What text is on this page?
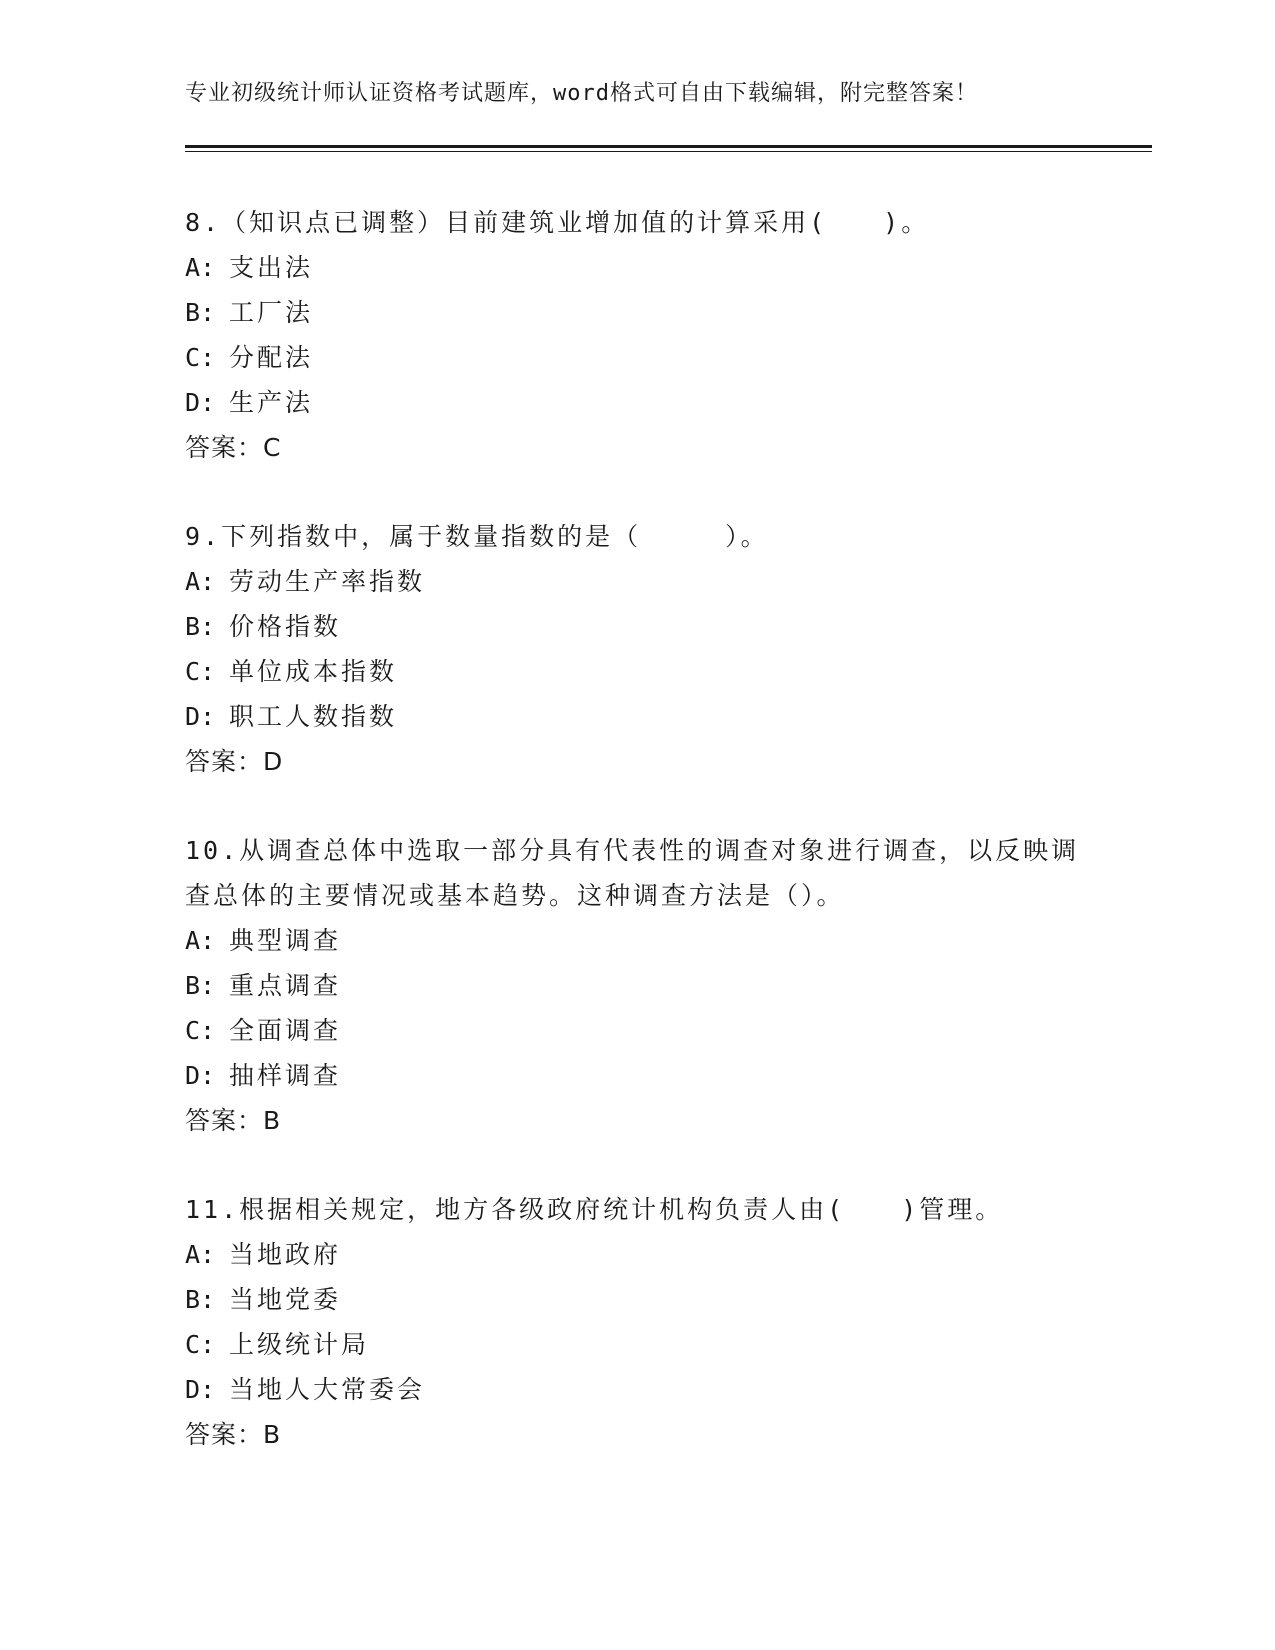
专业初级统计师认证资格考试题库，word格式可自由下载编辑，附完整答案！

8.（知识点已调整）目前建筑业增加值的计算采用(　　)。

A: 支出法

B: 工厂法

C: 分配法

D: 生产法

答案：C

9.下列指数中，属于数量指数的是（　　　）。

A: 劳动生产率指数

B: 价格指数

C: 单位成本指数

D: 职工人数指数

答案：D

10.从调查总体中选取一部分具有代表性的调查对象进行调查，以反映调查总体的主要情况或基本趋势。这种调查方法是（）。

A: 典型调查

B: 重点调查

C: 全面调查

D: 抽样调查

答案：B

11.根据相关规定，地方各级政府统计机构负责人由(　　)管理。

A: 当地政府

B: 当地党委

C: 上级统计局

D: 当地人大常委会

答案：B
